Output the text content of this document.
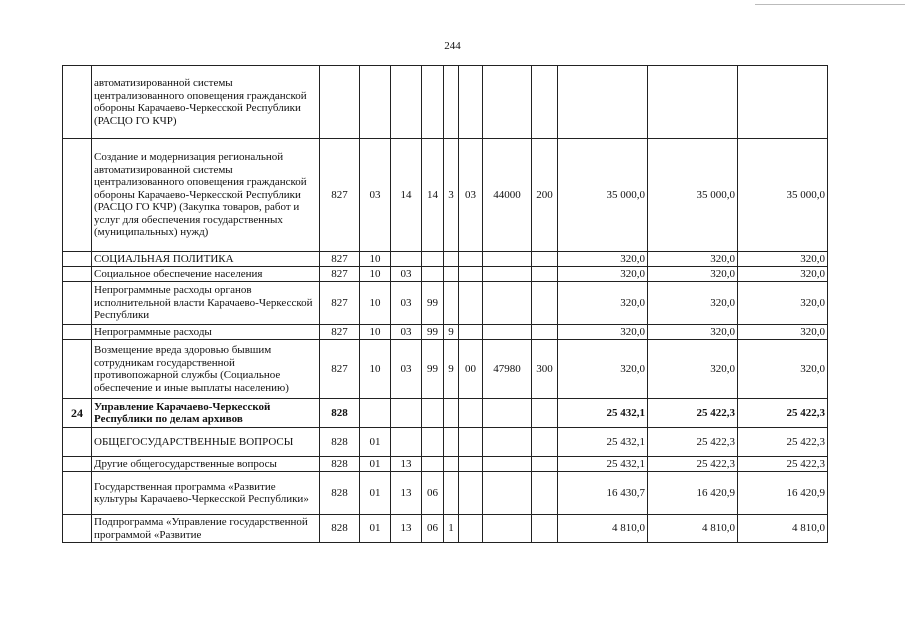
244
	автоматизированной системы централизованного оповещения гражданской обороны Карачаево-Черкесской Республики (РАСЦО ГО КЧР)											
	Создание и модернизация региональной автоматизированной системы централизованного оповещения гражданской обороны Карачаево-Черкесской Республики (РАСЦО ГО КЧР) (Закупка товаров, работ и услуг для обеспечения государственных (муниципальных) нужд)	827	03	14	14	3	03	44000	200	35 000,0	35 000,0	35 000,0
	СОЦИАЛЬНАЯ ПОЛИТИКА	827	10							320,0	320,0	320,0
	Социальное обеспечение населения	827	10	03						320,0	320,0	320,0
	Непрограммные расходы органов исполнительной власти Карачаево-Черкесской Республики	827	10	03	99					320,0	320,0	320,0
	Непрограммные расходы	827	10	03	99	9				320,0	320,0	320,0
	Возмещение вреда здоровью бывшим сотрудникам государственной противопожарной службы (Социальное обеспечение и иные выплаты населению)	827	10	03	99	9	00	47980	300	320,0	320,0	320,0
24	Управление Карачаево-Черкесской Республики по делам архивов	828								25 432,1	25 422,3	25 422,3
	ОБЩЕГОСУДАРСТВЕННЫЕ ВОПРОСЫ	828	01							25 432,1	25 422,3	25 422,3
	Другие общегосударственные вопросы	828	01	13						25 432,1	25 422,3	25 422,3
	Государственная программа «Развитие культуры Карачаево-Черкесской Республики»	828	01	13	06					16 430,7	16 420,9	16 420,9
	Подпрограмма «Управление государственной программой «Развитие	828	01	13	06	1				4 810,0	4 810,0	4 810,0
